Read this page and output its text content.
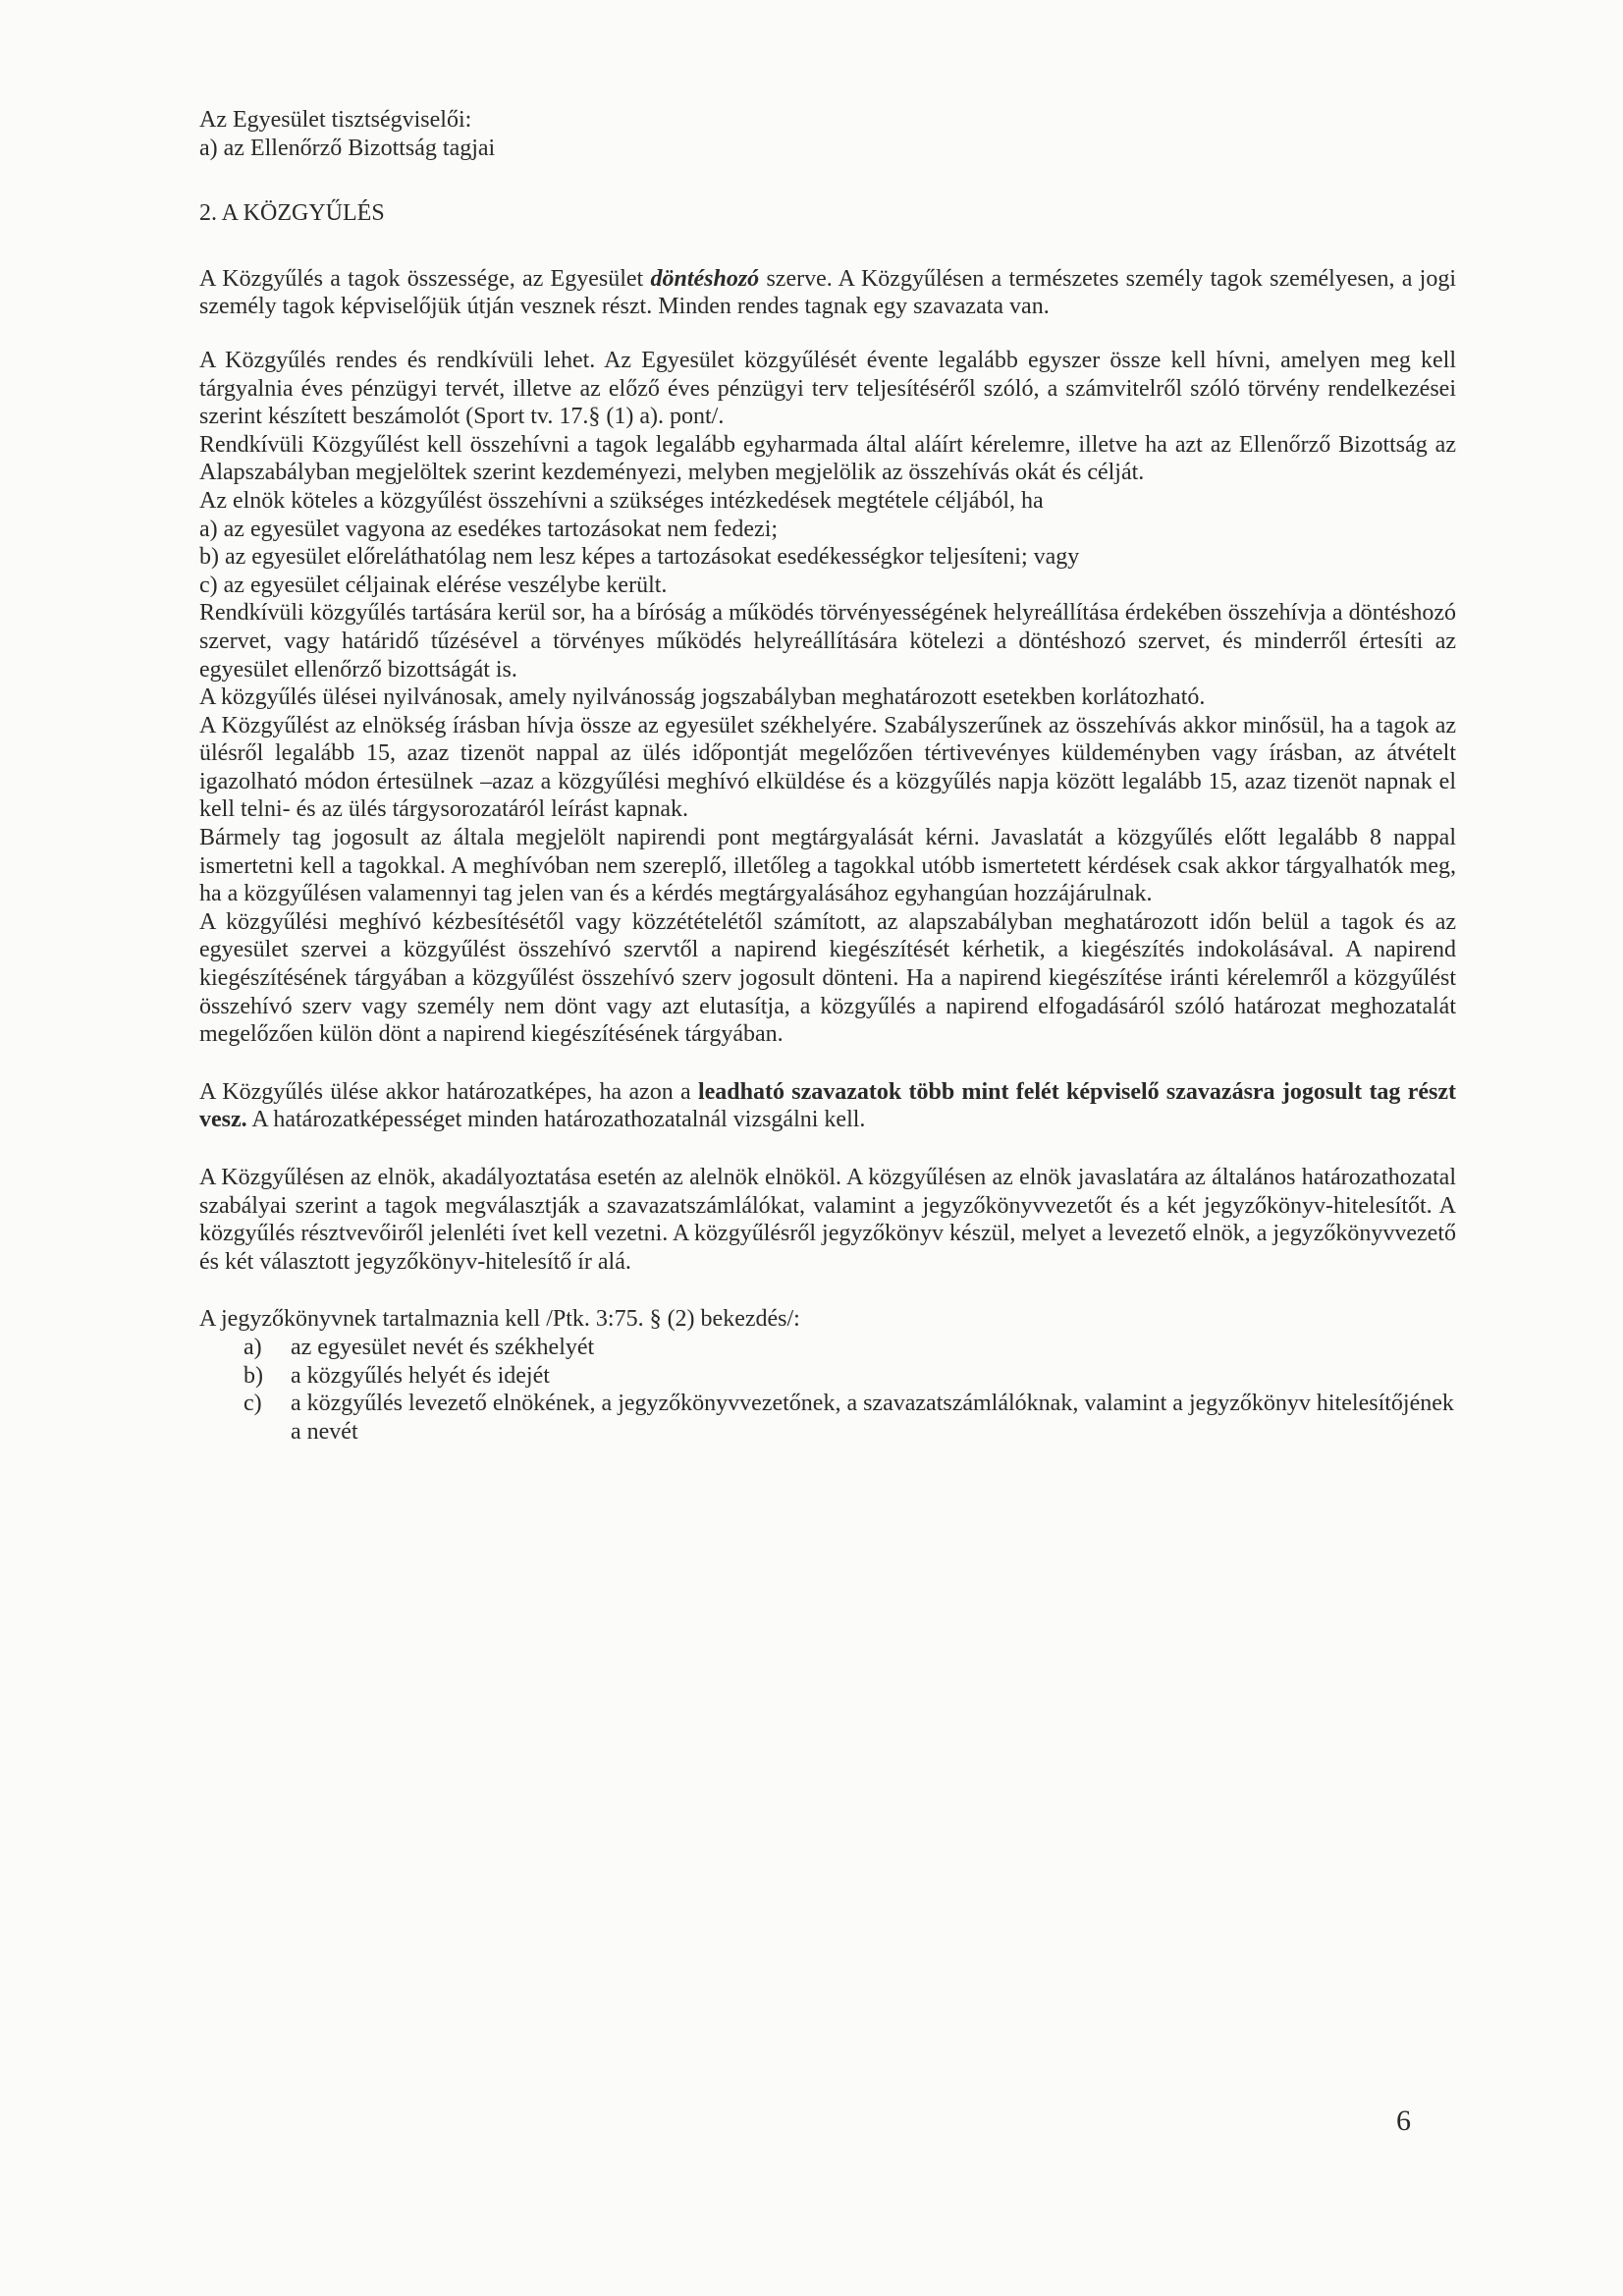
Az Egyesület tisztségviselői:

a) az Ellenőrző Bizottság tagjai

2. A KÖZGYŰLÉS

A Közgyűlés a tagok összessége, az Egyesület döntéshozó szerve. A Közgyűlésen a természetes személy tagok személyesen, a jogi személy tagok képviselőjük útján vesznek részt. Minden rendes tagnak egy szavazata van.

A Közgyűlés rendes és rendkívüli lehet. Az Egyesület közgyűlését évente legalább egyszer össze kell hívni, amelyen meg kell tárgyalnia éves pénzügyi tervét, illetve az előző éves pénzügyi terv teljesítéséről szóló, a számvitelről szóló törvény rendelkezései szerint készített beszámolót (Sport tv. 17.§ (1) a). pont/.

Rendkívüli Közgyűlést kell összehívni a tagok legalább egyharmada által aláírt kérelemre, illetve ha azt az Ellenőrző Bizottság az Alapszabályban megjelöltek szerint kezdeményezi, melyben megjelölik az összehívás okát és célját.

Az elnök köteles a közgyűlést összehívni a szükséges intézkedések megtétele céljából, ha

a) az egyesület vagyona az esedékes tartozásokat nem fedezi;

b) az egyesület előreláthatólag nem lesz képes a tartozásokat esedékességkor teljesíteni; vagy

c) az egyesület céljainak elérése veszélybe került.

Rendkívüli közgyűlés tartására kerül sor, ha a bíróság a működés törvényességének helyreállítása érdekében összehívja a döntéshozó szervet, vagy határidő tűzésével a törvényes működés helyreállítására kötelezi a döntéshozó szervet, és minderről értesíti az egyesület ellenőrző bizottságát is.

A közgyűlés ülései nyilvánosak, amely nyilvánosság jogszabályban meghatározott esetekben korlátozható.

A Közgyűlést az elnökség írásban hívja össze az egyesület székhelyére. Szabályszerűnek az összehívás akkor minősül, ha a tagok az ülésről legalább 15, azaz tizenöt nappal az ülés időpontját megelőzően tértivevényes küldeményben vagy írásban, az átvételt igazolható módon értesülnek –azaz a közgyűlési meghívó elküldése és a közgyűlés napja között legalább 15, azaz tizenöt napnak el kell telni- és az ülés tárgysorozatáról leírást kapnak.

Bármely tag jogosult az általa megjelölt napirendi pont megtárgyalását kérni. Javaslatát a közgyűlés előtt legalább 8 nappal ismertetni kell a tagokkal. A meghívóban nem szereplő, illetőleg a tagokkal utóbb ismertetett kérdések csak akkor tárgyalhatók meg, ha a közgyűlésen valamennyi tag jelen van és a kérdés megtárgyalásához egyhangúan hozzájárulnak.

A közgyűlési meghívó kézbesítésétől vagy közzétételétől számított, az alapszabályban meghatározott időn belül a tagok és az egyesület szervei a közgyűlést összehívó szervtől a napirend kiegészítését kérhetik, a kiegészítés indokolásával. A napirend kiegészítésének tárgyában a közgyűlést összehívó szerv jogosult dönteni. Ha a napirend kiegészítése iránti kérelemről a közgyűlést összehívó szerv vagy személy nem dönt vagy azt elutasítja, a közgyűlés a napirend elfogadásáról szóló határozat meghozatalát megelőzően külön dönt a napirend kiegészítésének tárgyában.

A Közgyűlés ülése akkor határozatképes, ha azon a leadható szavazatok több mint felét képviselő szavazásra jogosult tag részt vesz. A határozatképességet minden határozathozatalnál vizsgálni kell.

A Közgyűlésen az elnök, akadályoztatása esetén az alelnök elnököl. A közgyűlésen az elnök javaslatára az általános határozathozatal szabályai szerint a tagok megválasztják a szavazatszámlálókat, valamint a jegyzőkönyvvezetőt és a két jegyzőkönyv-hitelesítőt. A közgyűlés résztvevőiről jelenléti ívet kell vezetni. A közgyűlésről jegyzőkönyv készül, melyet a levezető elnök, a jegyzőkönyvvezető és két választott jegyzőkönyv-hitelesítő ír alá.

A jegyzőkönyvnek tartalmaznia kell /Ptk. 3:75. § (2) bekezdés/:

a)	az egyesület nevét és székhelyét
b)	a közgyűlés helyét és idejét
c)	a közgyűlés levezető elnökének, a jegyzőkönyvvezetőnek, a szavazatszámlálóknak, valamint a jegyzőkönyv hitelesítőjének a nevét
6
